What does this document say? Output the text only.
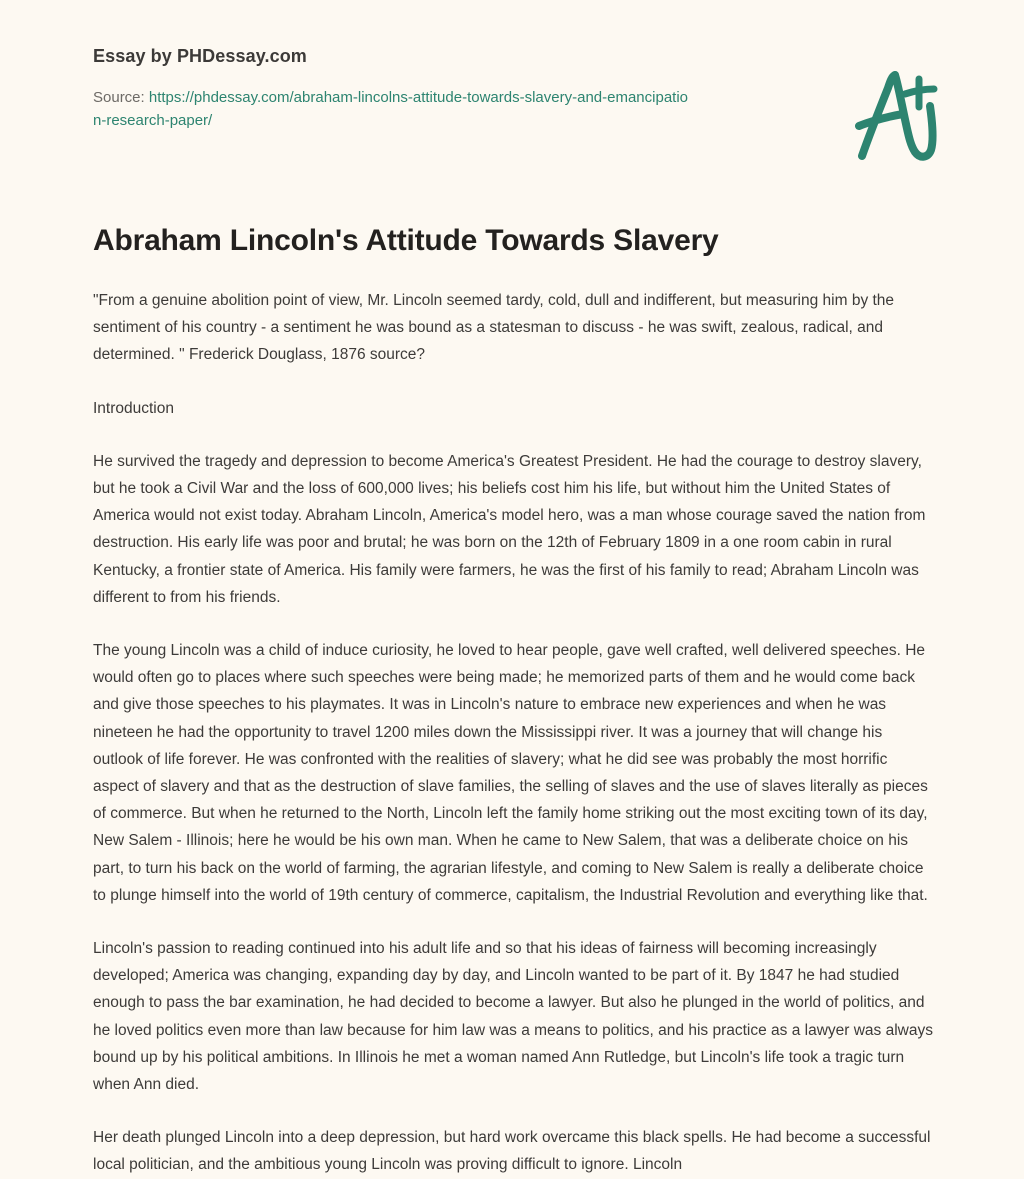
Essay by PHDessay.com
Source: https://phdessay.com/abraham-lincolns-attitude-towards-slavery-and-emancipation-research-paper/
Abraham Lincoln's Attitude Towards Slavery

"From a genuine abolition point of view, Mr. Lincoln seemed tardy, cold, dull and indifferent, but measuring him by the sentiment of his country - a sentiment he was bound as a statesman to discuss - he was swift, zealous, radical, and determined. " Frederick Douglass, 1876 source?

Introduction

He survived the tragedy and depression to become America's Greatest President. He had the courage to destroy slavery, but he took a Civil War and the loss of 600,000 lives; his beliefs cost him his life, but without him the United States of America would not exist today. Abraham Lincoln, America's model hero, was a man whose courage saved the nation from destruction. His early life was poor and brutal; he was born on the 12th of February 1809 in a one room cabin in rural Kentucky, a frontier state of America. His family were farmers, he was the first of his family to read; Abraham Lincoln was different to from his friends.

The young Lincoln was a child of induce curiosity, he loved to hear people, gave well crafted, well delivered speeches. He would often go to places where such speeches were being made; he memorized parts of them and he would come back and give those speeches to his playmates. It was in Lincoln's nature to embrace new experiences and when he was nineteen he had the opportunity to travel 1200 miles down the Mississippi river. It was a journey that will change his outlook of life forever. He was confronted with the realities of slavery; what he did see was probably the most horrific aspect of slavery and that as the destruction of slave families, the selling of slaves and the use of slaves literally as pieces of commerce. But when he returned to the North, Lincoln left the family home striking out the most exciting town of its day, New Salem - Illinois; here he would be his own man. When he came to New Salem, that was a deliberate choice on his part, to turn his back on the world of farming, the agrarian lifestyle, and coming to New Salem is really a deliberate choice to plunge himself into the world of 19th century of commerce, capitalism, the Industrial Revolution and everything like that.

Lincoln's passion to reading continued into his adult life and so that his ideas of fairness will becoming increasingly developed; America was changing, expanding day by day, and Lincoln wanted to be part of it. By 1847 he had studied enough to pass the bar examination, he had decided to become a lawyer. But also he plunged in the world of politics, and he loved politics even more than law because for him law was a means to politics, and his practice as a lawyer was always bound up by his political ambitions. In Illinois he met a woman named Ann Rutledge, but Lincoln's life took a tragic turn when Ann died.

Her death plunged Lincoln into a deep depression, but hard work overcame this black spells. He had become a successful local politician, and the ambitious young Lincoln was proving difficult to ignore. Lincoln
